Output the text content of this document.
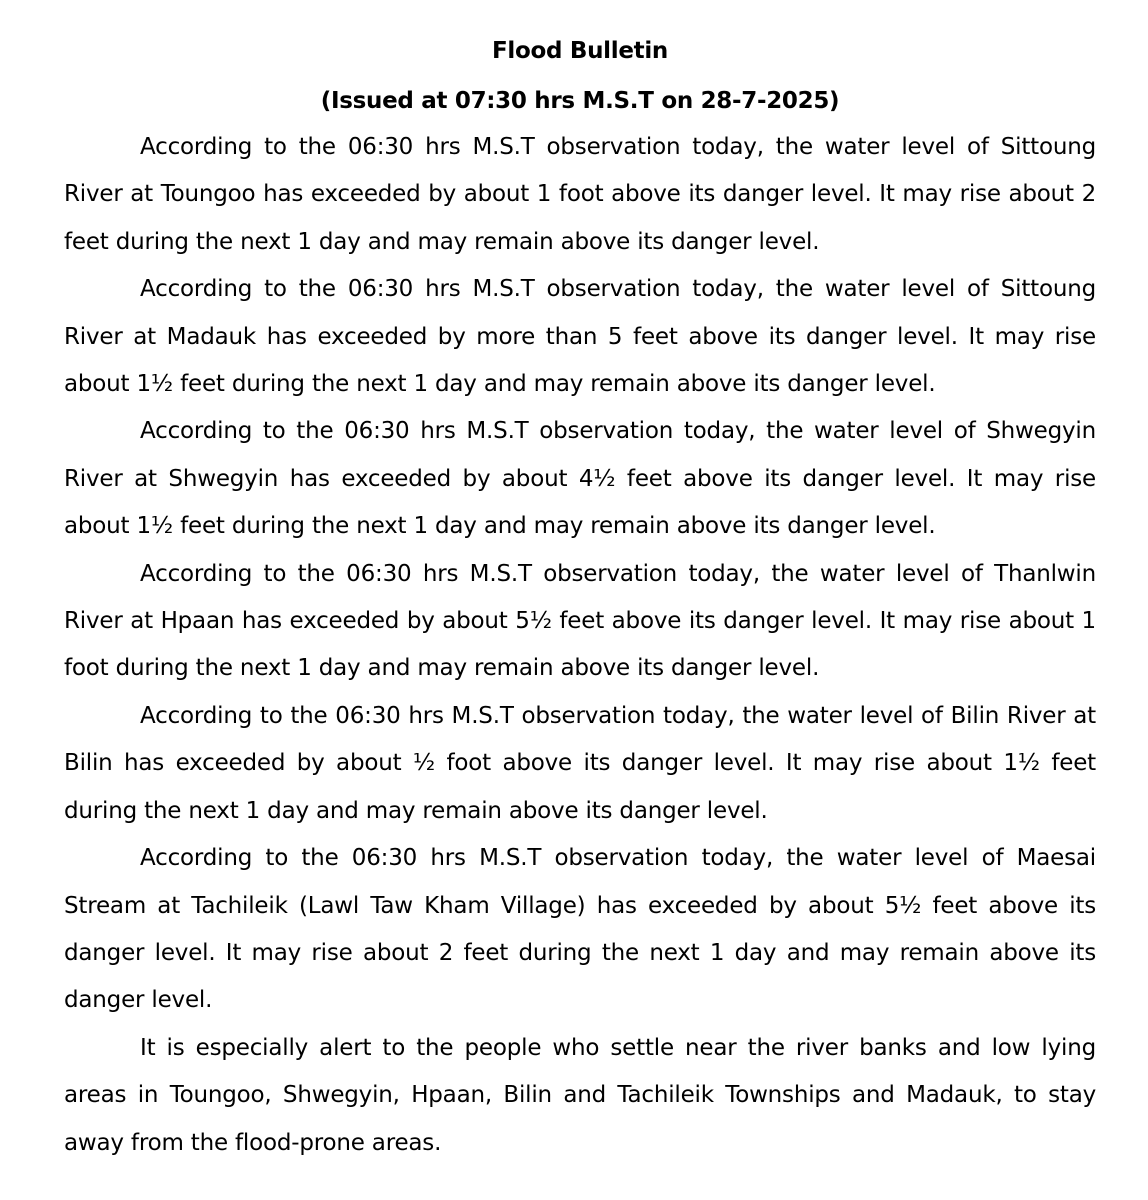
Flood Bulletin
(Issued at 07:30 hrs M.S.T on 28-7-2025)

According to the 06:30 hrs M.S.T observation today, the water level of Sittoung River at Toungoo has exceeded by about 1 foot above its danger level. It may rise about 2 feet during the next 1 day and may remain above its danger level.

According to the 06:30 hrs M.S.T observation today, the water level of Sittoung River at Madauk has exceeded by more than 5 feet above its danger level. It may rise about 1½ feet during the next 1 day and may remain above its danger level.

According to the 06:30 hrs M.S.T observation today, the water level of Shwegyin River at Shwegyin has exceeded by about 4½ feet above its danger level. It may rise about 1½ feet during the next 1 day and may remain above its danger level.

According to the 06:30 hrs M.S.T observation today, the water level of Thanlwin River at Hpaan has exceeded by about 5½ feet above its danger level. It may rise about 1 foot during the next 1 day and may remain above its danger level.

According to the 06:30 hrs M.S.T observation today, the water level of Bilin River at Bilin has exceeded by about ½ foot above its danger level. It may rise about 1½ feet during the next 1 day and may remain above its danger level.

According to the 06:30 hrs M.S.T observation today, the water level of Maesai Stream at Tachileik (Lawl Taw Kham Village) has exceeded by about 5½ feet above its danger level. It may rise about 2 feet during the next 1 day and may remain above its danger level.

It is especially alert to the people who settle near the river banks and low lying areas in Toungoo, Shwegyin, Hpaan, Bilin and Tachileik Townships and Madauk, to stay away from the flood-prone areas.
